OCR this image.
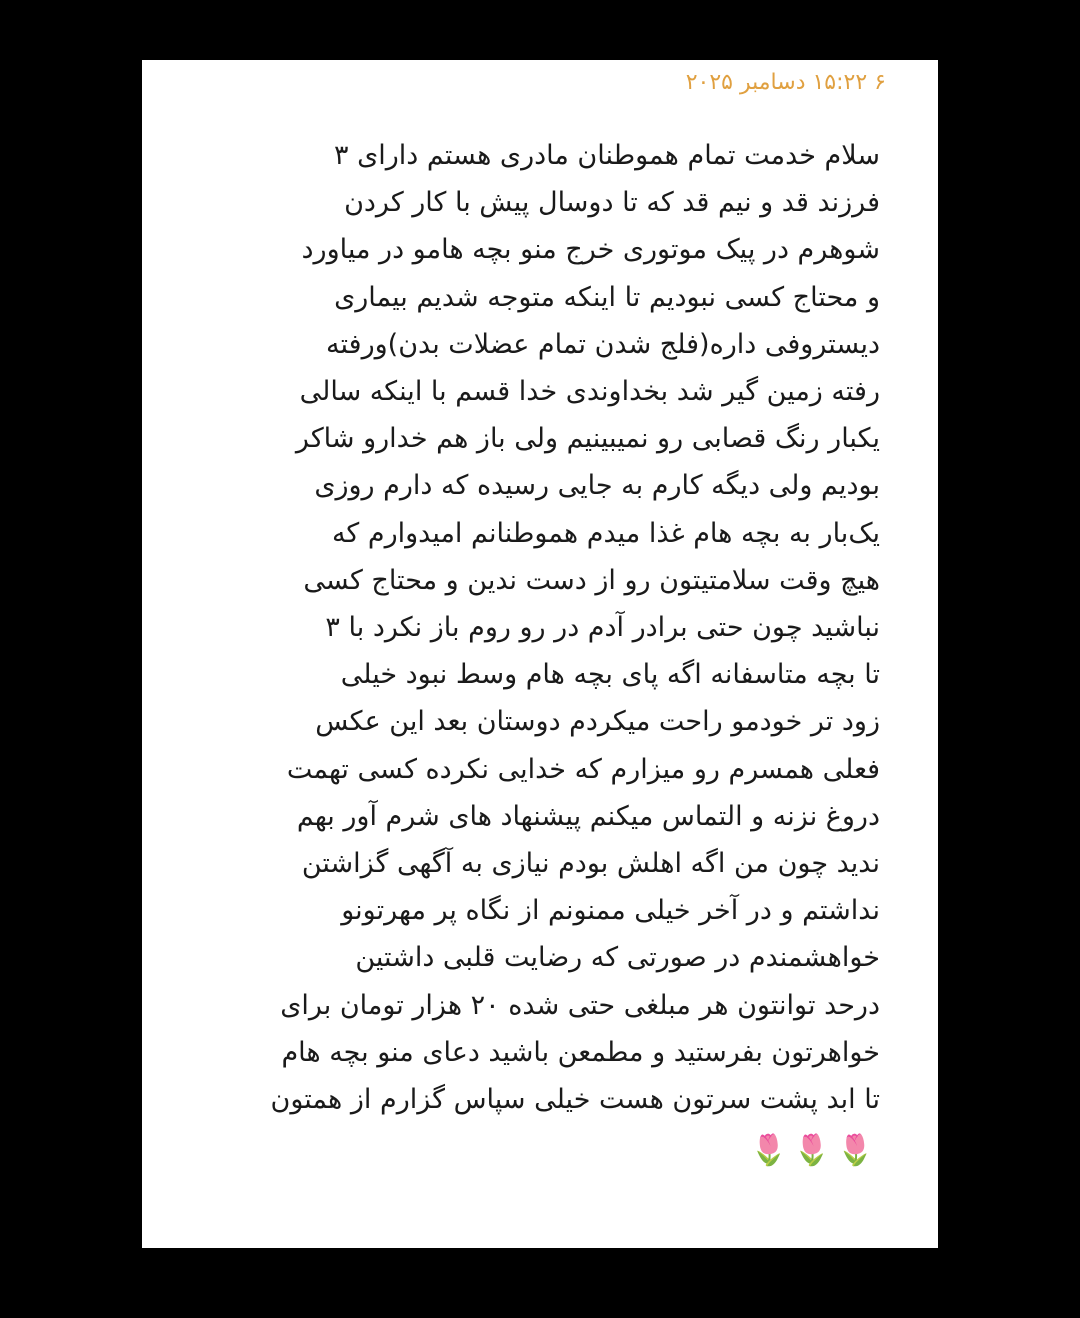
۶ ۱۵:۲۲ دسامبر ۲۰۲۵
سلام خدمت تمام هموطنان مادری هستم دارای ۳
فرزند قد و نیم قد که تا دوسال پیش با کار کردن
شوهرم در پیک موتوری خرج منو بچه هامو در میاورد
و محتاج کسی نبودیم تا اینکه متوجه شدیم بیماری
دیستروفی داره(فلج شدن تمام عضلات بدن)ورفته
رفته زمین گیر شد بخداوندی خدا قسم با اینکه سالی
یکبار رنگ قصابی رو نمیبینیم ولی باز هم خدارو شاکر
بودیم ولی دیگه کارم به جایی رسیده که دارم روزی
یک‌بار به بچه هام غذا میدم هموطنانم امیدوارم که
هیچ وقت سلامتیتون رو از دست ندین و محتاج کسی
نباشید چون حتی برادر آدم در رو روم باز نکرد با ۳
تا بچه متاسفانه اگه پای بچه هام وسط نبود خیلی
زود تر خودمو راحت میکردم دوستان بعد این عکس
فعلی همسرم رو میزارم که خدایی نکرده کسی تهمت
دروغ نزنه و التماس میکنم پیشنهاد های شرم آور بهم
ندید چون من اگه اهلش بودم نیازی به آگهی گزاشتن
نداشتم و در آخر خیلی ممنونم از نگاه پر مهرتونو
خواهشمندم در صورتی که رضایت قلبی داشتین
درحد توانتون هر مبلغی حتی شده ۲۰ هزار تومان برای
خواهرتون بفرستید و مطمعن باشید دعای منو بچه هام
تا ابد پشت سرتون هست خیلی سپاس گزارم از همتون
🌷🌷🌷
